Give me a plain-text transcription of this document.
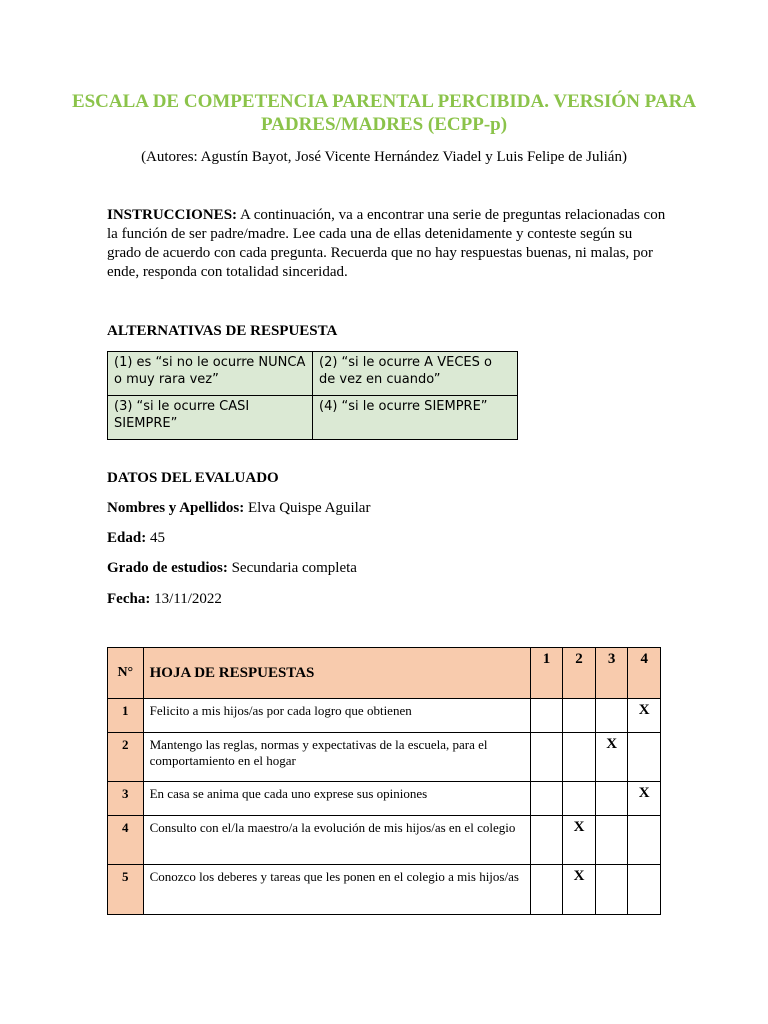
ESCALA DE COMPETENCIA PARENTAL PERCIBIDA. VERSIÓN PARA PADRES/MADRES (ECPP-p)
(Autores: Agustín Bayot, José Vicente Hernández Viadel y Luis Felipe de Julián)
INSTRUCCIONES: A continuación, va a encontrar una serie de preguntas relacionadas con la función de ser padre/madre. Lee cada una de ellas detenidamente y conteste según su grado de acuerdo con cada pregunta. Recuerda que no hay respuestas buenas, ni malas, por ende, responda con totalidad sinceridad.
ALTERNATIVAS DE RESPUESTA
(1) es “si no le ocurre NUNCA o muy rara vez”	(2) “si le ocurre A VECES o de vez en cuando”
(3) “si le ocurre CASI SIEMPRE”	(4) “si le ocurre SIEMPRE”
DATOS DEL EVALUADO
Nombres y Apellidos: Elva Quispe Aguilar
Edad: 45
Grado de estudios: Secundaria completa
Fecha: 13/11/2022
N°	HOJA DE RESPUESTAS	1	2	3	4
1	Felicito a mis hijos/as por cada logro que obtienen				X
2	Mantengo las reglas, normas y expectativas de la escuela, para el comportamiento en el hogar			X	
3	En casa se anima que cada uno exprese sus opiniones				X
4	Consulto con el/la maestro/a la evolución de mis hijos/as en el colegio		X		
5	Conozco los deberes y tareas que les ponen en el colegio a mis hijos/as		X		
